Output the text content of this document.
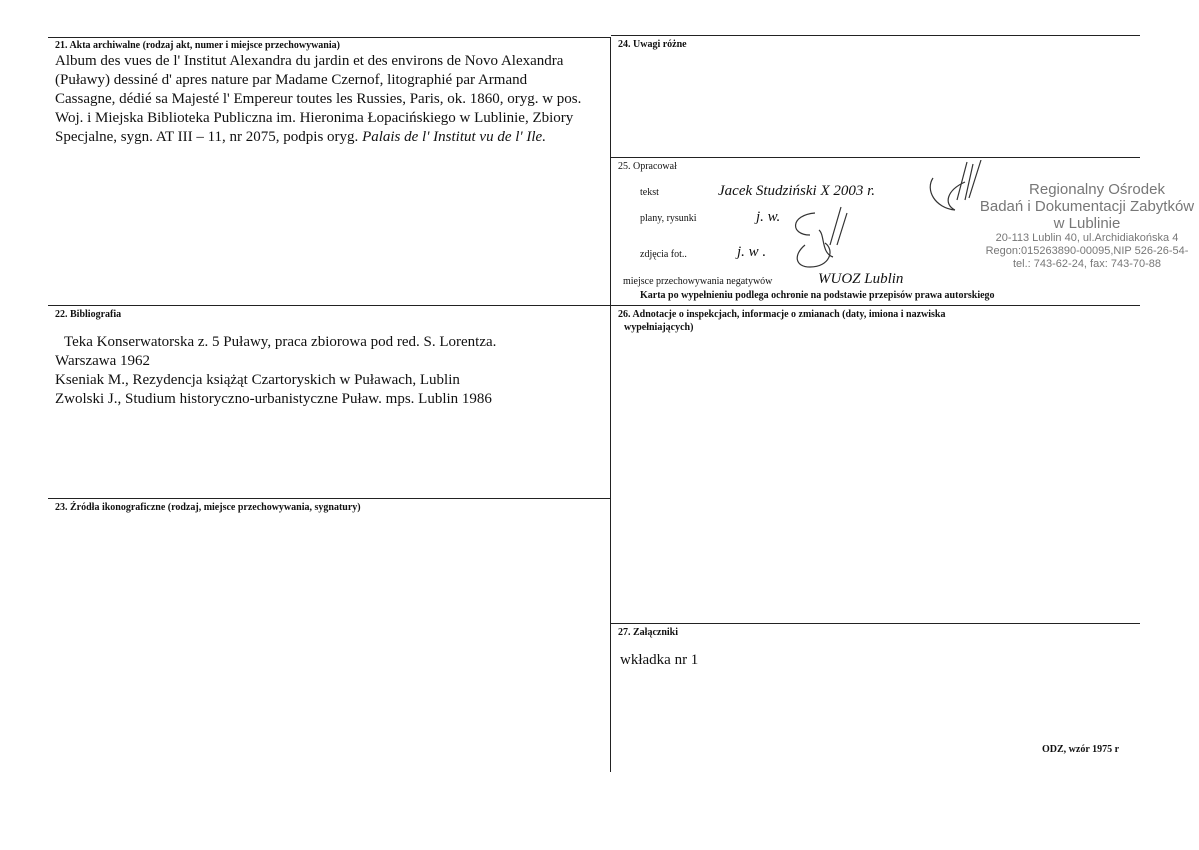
21. Akta archiwalne (rodzaj akt, numer i miejsce przechowywania)
Album des vues de l' Institut Alexandra du jardin et des environs de Novo Alexandra
(Puławy) dessiné d' apres nature par Madame Czernof, litographié par Armand
Cassagne, dédié sa Majesté l' Empereur toutes les Russies, Paris, ok. 1860, oryg. w pos.
Woj. i Miejska Biblioteka Publiczna im. Hieronima Łopacińskiego w Lublinie, Zbiory
Specjalne, sygn. AT III – 11, nr 2075, podpis oryg. Palais de l' Institut vu de l' Ile.
24. Uwagi różne
25. Opracował
tekst	Jacek Studziński X 2003 r.
plany, rysunki	j. w.
zdjęcia fot..	j. w .
miejsce przechowywania negatywów	WUOZ Lublin
Karta po wypełnieniu podlega ochronie na podstawie przepisów prawa autorskiego
Regionalny Ośrodek
Badań i Dokumentacji Zabytków
w Lublinie
20-113 Lublin 40, ul.Archidiakońska 4
Regon:015263890-00095,NIP 526-26-54-
tel.: 743-62-24, fax: 743-70-88
22. Bibliografia
Teka Konserwatorska z. 5 Puławy, praca zbiorowa pod red. S. Lorentza.
Warszawa 1962
Kseniak M., Rezydencja książąt Czartoryskich w Puławach, Lublin
Zwolski J., Studium historyczno-urbanistyczne Puław. mps. Lublin 1986
26. Adnotacje o inspekcjach, informacje o zmianach (daty, imiona i nazwiska
wypełniających)
23. Źródła ikonograficzne (rodzaj, miejsce przechowywania, sygnatury)
27. Załączniki
wkładka nr 1
ODZ, wzór 1975 r
